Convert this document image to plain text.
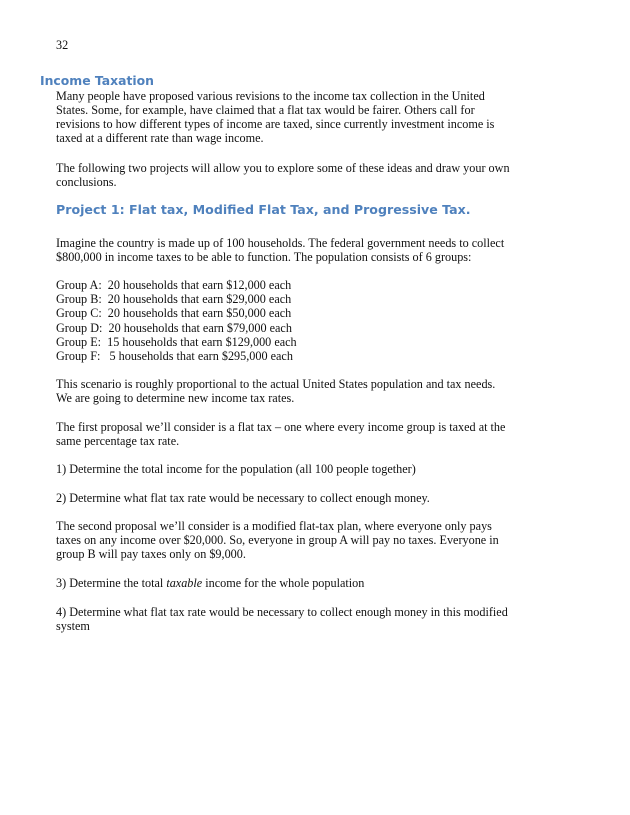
32
Income Taxation
Many people have proposed various revisions to the income tax collection in the United
States. Some, for example, have claimed that a flat tax would be fairer. Others call for
revisions to how different types of income are taxed, since currently investment income is
taxed at a different rate than wage income.
The following two projects will allow you to explore some of these ideas and draw your own
conclusions.
Project 1: Flat tax, Modified Flat Tax, and Progressive Tax.
Imagine the country is made up of 100 households. The federal government needs to collect
$800,000 in income taxes to be able to function. The population consists of 6 groups:
Group A:  20 households that earn $12,000 each
Group B:  20 households that earn $29,000 each
Group C:  20 households that earn $50,000 each
Group D:  20 households that earn $79,000 each
Group E:  15 households that earn $129,000 each
Group F:   5 households that earn $295,000 each
This scenario is roughly proportional to the actual United States population and tax needs.
We are going to determine new income tax rates.
The first proposal we’ll consider is a flat tax – one where every income group is taxed at the
same percentage tax rate.
1) Determine the total income for the population (all 100 people together)
2) Determine what flat tax rate would be necessary to collect enough money.
The second proposal we’ll consider is a modified flat-tax plan, where everyone only pays
taxes on any income over $20,000. So, everyone in group A will pay no taxes. Everyone in
group B will pay taxes only on $9,000.
3) Determine the total taxable income for the whole population
4) Determine what flat tax rate would be necessary to collect enough money in this modified
system
